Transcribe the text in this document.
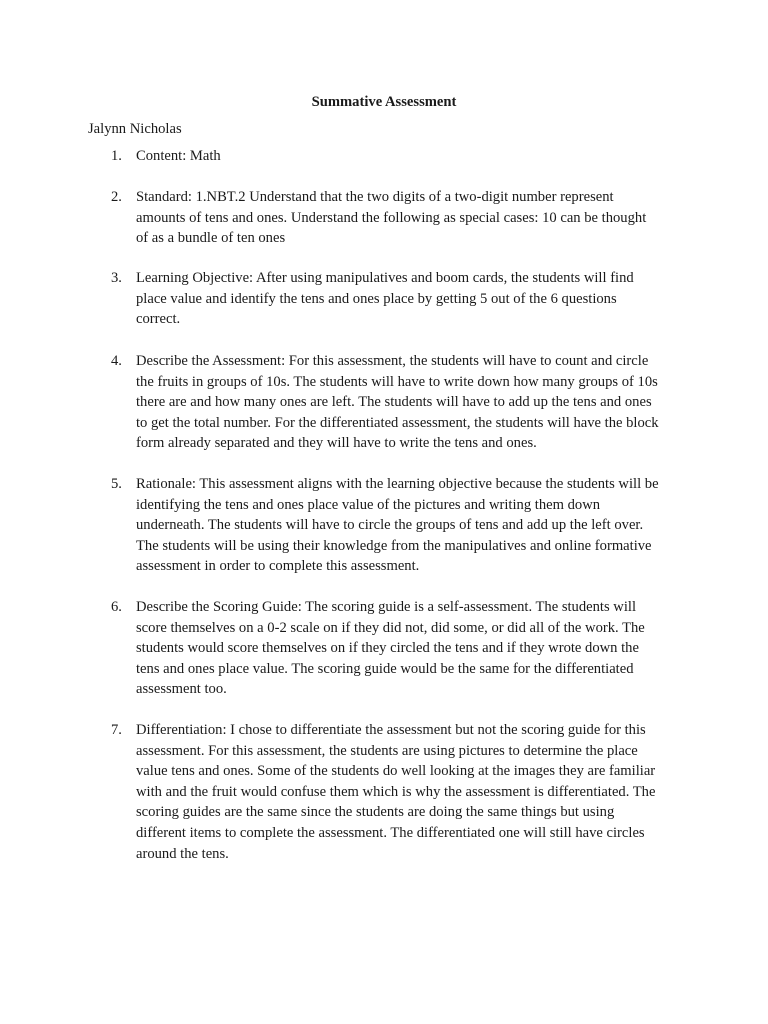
Summative Assessment
Jalynn Nicholas
1. Content: Math
2. Standard: 1.NBT.2 Understand that the two digits of a two-digit number represent
amounts of tens and ones. Understand the following as special cases: 10 can be thought
of as a bundle of ten ones
3. Learning Objective: After using manipulatives and boom cards, the students will find
place value and identify the tens and ones place by getting 5 out of the 6 questions
correct.
4. Describe the Assessment: For this assessment, the students will have to count and circle
the fruits in groups of 10s. The students will have to write down how many groups of 10s
there are and how many ones are left. The students will have to add up the tens and ones
to get the total number. For the differentiated assessment, the students will have the block
form already separated and they will have to write the tens and ones.
5. Rationale: This assessment aligns with the learning objective because the students will be
identifying the tens and ones place value of the pictures and writing them down
underneath. The students will have to circle the groups of tens and add up the left over.
The students will be using their knowledge from the manipulatives and online formative
assessment in order to complete this assessment.
6. Describe the Scoring Guide: The scoring guide is a self-assessment. The students will
score themselves on a 0-2 scale on if they did not, did some, or did all of the work. The
students would score themselves on if they circled the tens and if they wrote down the
tens and ones place value. The scoring guide would be the same for the differentiated
assessment too.
7. Differentiation: I chose to differentiate the assessment but not the scoring guide for this
assessment. For this assessment, the students are using pictures to determine the place
value tens and ones. Some of the students do well looking at the images they are familiar
with and the fruit would confuse them which is why the assessment is differentiated. The
scoring guides are the same since the students are doing the same things but using
different items to complete the assessment. The differentiated one will still have circles
around the tens.
